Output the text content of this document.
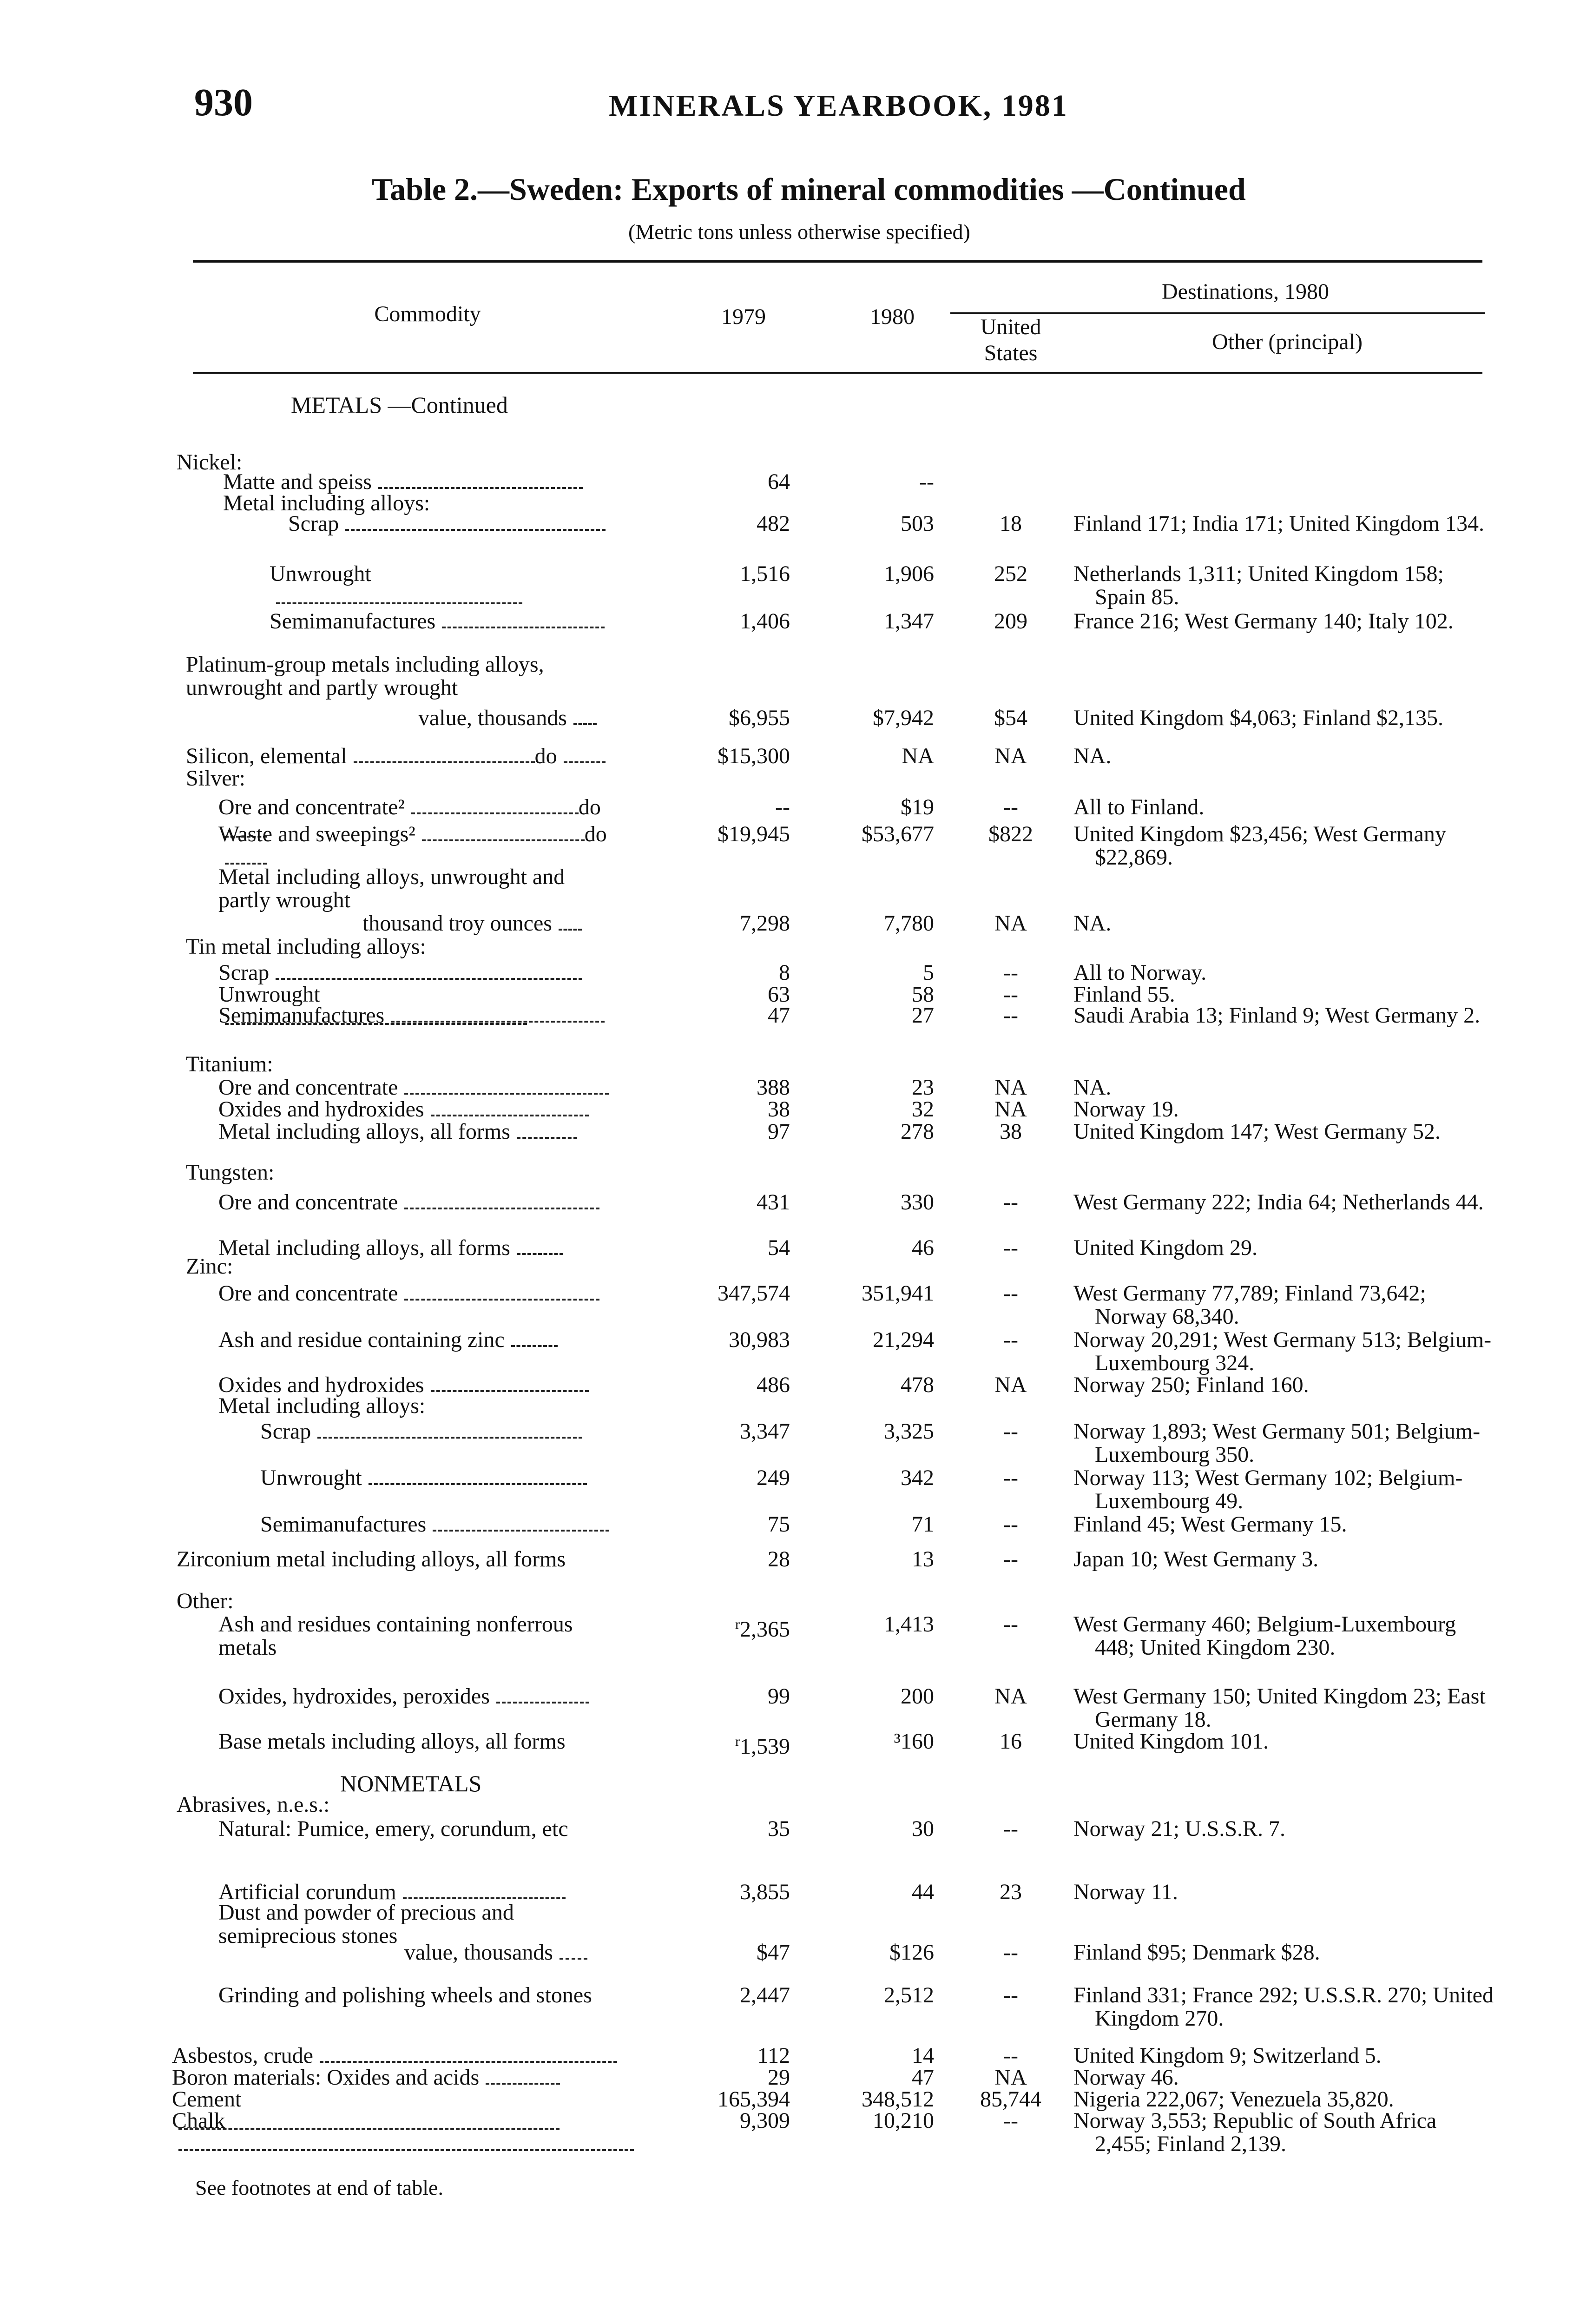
930	MINERALS YEARBOOK, 1981
Table 2.—Sweden: Exports of mineral commodities —Continued
(Metric tons unless otherwise specified)
Commodity	1979	1980
Destinations, 1980
United States	Other (principal)
METALS —Continued
NONMETALS
Nickel:
Matte and speiss	64	--
Metal including alloys:
Scrap	482	503	18	Finland 171; India 171; United Kingdom 134.
Unwrought	1,516	1,906	252	Netherlands 1,311; United Kingdom 158; Spain 85.
Semimanufactures	1,406	1,347	209	France 216; West Germany 140; Italy 102.
Platinum-group metals including alloys, unwrought and partly wrought
value, thousands	$6,955	$7,942	$54	United Kingdom $4,063; Finland $2,135.
Silicon, elemental	do	$15,300	NA	NA	NA.
Silver:
Ore and concentrate²	do	--	$19	--	All to Finland.
Waste and sweepings²	do	$19,945	$53,677	$822	United Kingdom $23,456; West Germany $22,869.
Metal including alloys, unwrought and partly wrought
thousand troy ounces	7,298	7,780	NA	NA.
Tin metal including alloys:
Scrap	8	5	--	All to Norway.
Unwrought	63	58	--	Finland 55.
Semimanufactures	47	27	--	Saudi Arabia 13; Finland 9; West Germany 2.
Titanium:
Ore and concentrate	388	23	NA	NA.
Oxides and hydroxides	38	32	NA	Norway 19.
Metal including alloys, all forms	97	278	38	United Kingdom 147; West Germany 52.
Tungsten:
Ore and concentrate	431	330	--	West Germany 222; India 64; Netherlands 44.
Metal including alloys, all forms	54	46	--	United Kingdom 29.
Zinc:
Ore and concentrate	347,574	351,941	--	West Germany 77,789; Finland 73,642; Norway 68,340.
Ash and residue containing zinc	30,983	21,294	--	Norway 20,291; West Germany 513; Belgium-Luxembourg 324.
Oxides and hydroxides	486	478	NA	Norway 250; Finland 160.
Metal including alloys:
Scrap	3,347	3,325	--	Norway 1,893; West Germany 501; Belgium-Luxembourg 350.
Unwrought	249	342	--	Norway 113; West Germany 102; Belgium-Luxembourg 49.
Semimanufactures	75	71	--	Finland 45; West Germany 15.
Zirconium metal including alloys, all forms	28	13	--	Japan 10; West Germany 3.
Other:
Ash and residues containing nonferrous metals
$^r$2,365	1,413	--	West Germany 460; Belgium-Luxembourg 448; United Kingdom 230.
Oxides, hydroxides, peroxides	99	200	NA	West Germany 150; United Kingdom 23; East Germany 18.
Base metals including alloys, all forms	$^r$1,539	³160	16	United Kingdom 101.
Abrasives, n.e.s.:
Natural: Pumice, emery, corundum, etc	35	30	--	Norway 21; U.S.S.R. 7.
Artificial corundum	3,855	44	23	Norway 11.
Dust and powder of precious and semiprecious stones
value, thousands	$47	$126	--	Finland $95; Denmark $28.
Grinding and polishing wheels and stones	2,447	2,512	--	Finland 331; France 292; U.S.S.R. 270; United Kingdom 270.
Asbestos, crude	112	14	--	United Kingdom 9; Switzerland 5.
Boron materials: Oxides and acids	29	47	NA	Norway 46.
Cement	165,394	348,512	85,744	Nigeria 222,067; Venezuela 35,820.
Chalk	9,309	10,210	--	Norway 3,553; Republic of South Africa 2,455; Finland 2,139.
See footnotes at end of table.
